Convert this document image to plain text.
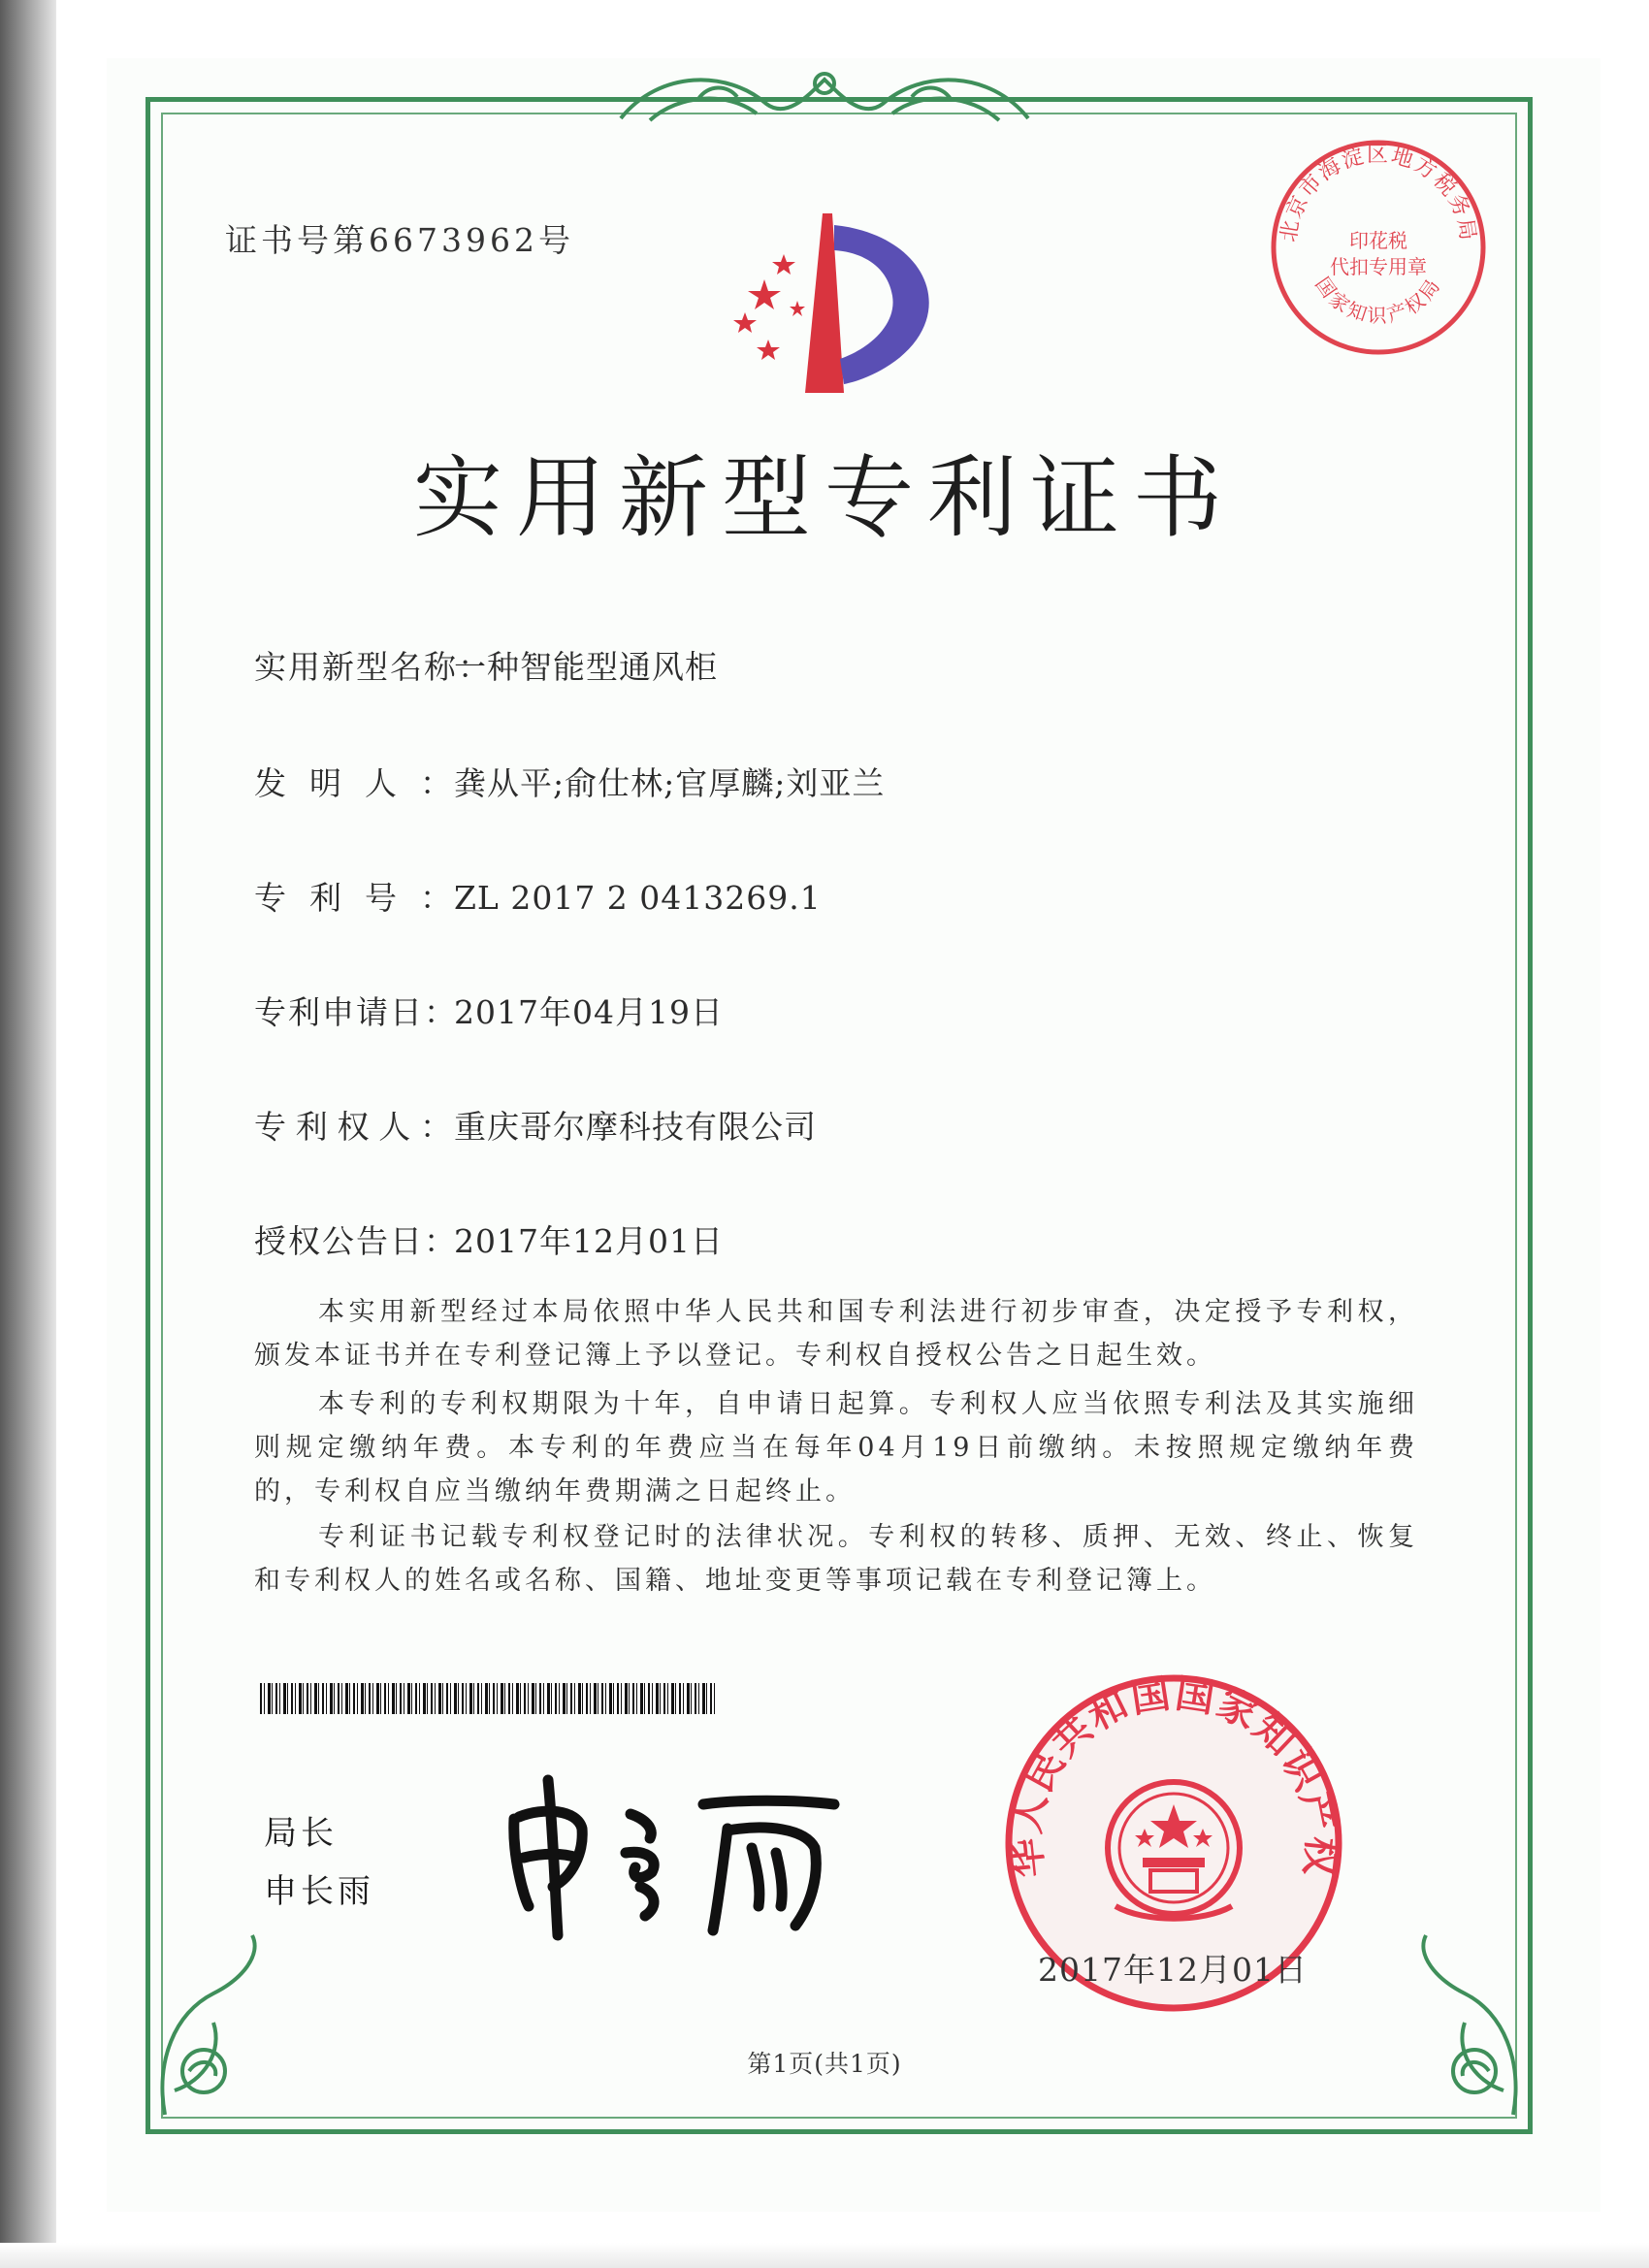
证书号第6673962号	北京市海淀区地方税务局
印花税
代扣专用章
国家知识产权局
实用新型专利证书
实用新型名称：一种智能型通风柜
发明人：龚从平;俞仕林;官厚麟;刘亚兰
专利号：ZL 2017 2 0413269.1
专利申请日：2017年04月19日
专利权人：重庆哥尔摩科技有限公司
授权公告日：2017年12月01日
本实用新型经过本局依照中华人民共和国专利法进行初步审查，决定授予专利权，颁发本证书并在专利登记簿上予以登记。专利权自授权公告之日起生效。
本专利的专利权期限为十年，自申请日起算。专利权人应当依照专利法及其实施细则规定缴纳年费。本专利的年费应当在每年04月19日前缴纳。未按照规定缴纳年费的，专利权自应当缴纳年费期满之日起终止。
专利证书记载专利权登记时的法律状况。专利权的转移、质押、无效、终止、恢复和专利权人的姓名或名称、国籍、地址变更等事项记载在专利登记簿上。
局长
申长雨
华人民共和国国家知识产权
2017年12月01日
第1页(共1页)
